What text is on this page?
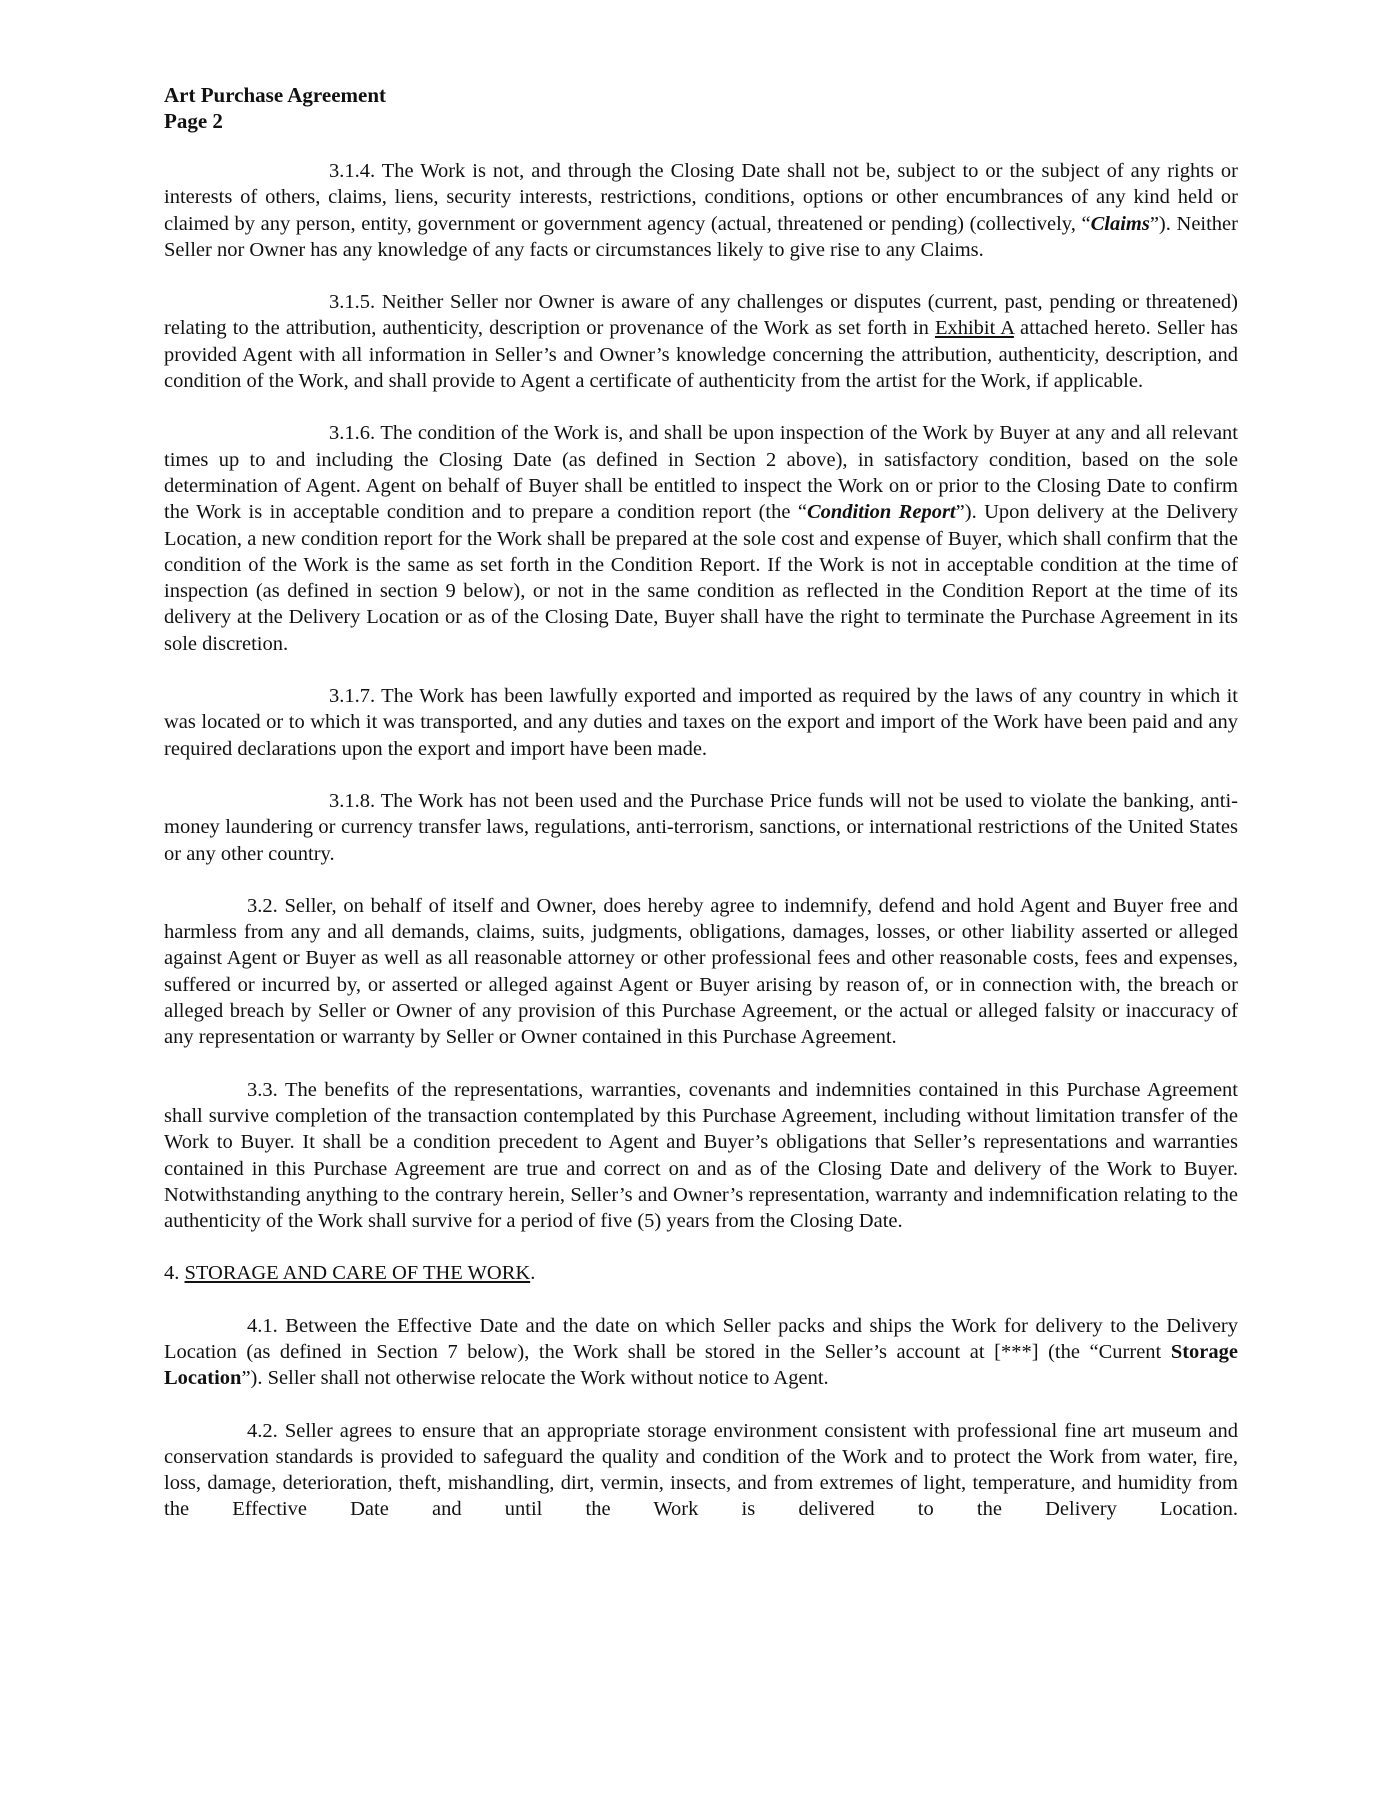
Art Purchase Agreement
Page 2

3.1.4. The Work is not, and through the Closing Date shall not be, subject to or the subject of any rights or interests of others, claims, liens, security interests, restrictions, conditions, options or other encumbrances of any kind held or claimed by any person, entity, government or government agency (actual, threatened or pending) (collectively, “Claims”). Neither Seller nor Owner has any knowledge of any facts or circumstances likely to give rise to any Claims.

3.1.5. Neither Seller nor Owner is aware of any challenges or disputes (current, past, pending or threatened) relating to the attribution, authenticity, description or provenance of the Work as set forth in Exhibit A attached hereto. Seller has provided Agent with all information in Seller’s and Owner’s knowledge concerning the attribution, authenticity, description, and condition of the Work, and shall provide to Agent a certificate of authenticity from the artist for the Work, if applicable.

3.1.6. The condition of the Work is, and shall be upon inspection of the Work by Buyer at any and all relevant times up to and including the Closing Date (as defined in Section 2 above), in satisfactory condition, based on the sole determination of Agent. Agent on behalf of Buyer shall be entitled to inspect the Work on or prior to the Closing Date to confirm the Work is in acceptable condition and to prepare a condition report (the “Condition Report”). Upon delivery at the Delivery Location, a new condition report for the Work shall be prepared at the sole cost and expense of Buyer, which shall confirm that the condition of the Work is the same as set forth in the Condition Report. If the Work is not in acceptable condition at the time of inspection (as defined in section 9 below), or not in the same condition as reflected in the Condition Report at the time of its delivery at the Delivery Location or as of the Closing Date, Buyer shall have the right to terminate the Purchase Agreement in its sole discretion.

3.1.7. The Work has been lawfully exported and imported as required by the laws of any country in which it was located or to which it was transported, and any duties and taxes on the export and import of the Work have been paid and any required declarations upon the export and import have been made.

3.1.8. The Work has not been used and the Purchase Price funds will not be used to violate the banking, anti-money laundering or currency transfer laws, regulations, anti-terrorism, sanctions, or international restrictions of the United States or any other country.

3.2. Seller, on behalf of itself and Owner, does hereby agree to indemnify, defend and hold Agent and Buyer free and harmless from any and all demands, claims, suits, judgments, obligations, damages, losses, or other liability asserted or alleged against Agent or Buyer as well as all reasonable attorney or other professional fees and other reasonable costs, fees and expenses, suffered or incurred by, or asserted or alleged against Agent or Buyer arising by reason of, or in connection with, the breach or alleged breach by Seller or Owner of any provision of this Purchase Agreement, or the actual or alleged falsity or inaccuracy of any representation or warranty by Seller or Owner contained in this Purchase Agreement.

3.3. The benefits of the representations, warranties, covenants and indemnities contained in this Purchase Agreement shall survive completion of the transaction contemplated by this Purchase Agreement, including without limitation transfer of the Work to Buyer. It shall be a condition precedent to Agent and Buyer’s obligations that Seller’s representations and warranties contained in this Purchase Agreement are true and correct on and as of the Closing Date and delivery of the Work to Buyer. Notwithstanding anything to the contrary herein, Seller’s and Owner’s representation, warranty and indemnification relating to the authenticity of the Work shall survive for a period of five (5) years from the Closing Date.

4. STORAGE AND CARE OF THE WORK.

4.1. Between the Effective Date and the date on which Seller packs and ships the Work for delivery to the Delivery Location (as defined in Section 7 below), the Work shall be stored in the Seller’s account at [***] (the “Current Storage Location”). Seller shall not otherwise relocate the Work without notice to Agent.

4.2. Seller agrees to ensure that an appropriate storage environment consistent with professional fine art museum and conservation standards is provided to safeguard the quality and condition of the Work and to protect the Work from water, fire, loss, damage, deterioration, theft, mishandling, dirt, vermin, insects, and from extremes of light, temperature, and humidity from the Effective Date and until the Work is delivered to the Delivery Location.
